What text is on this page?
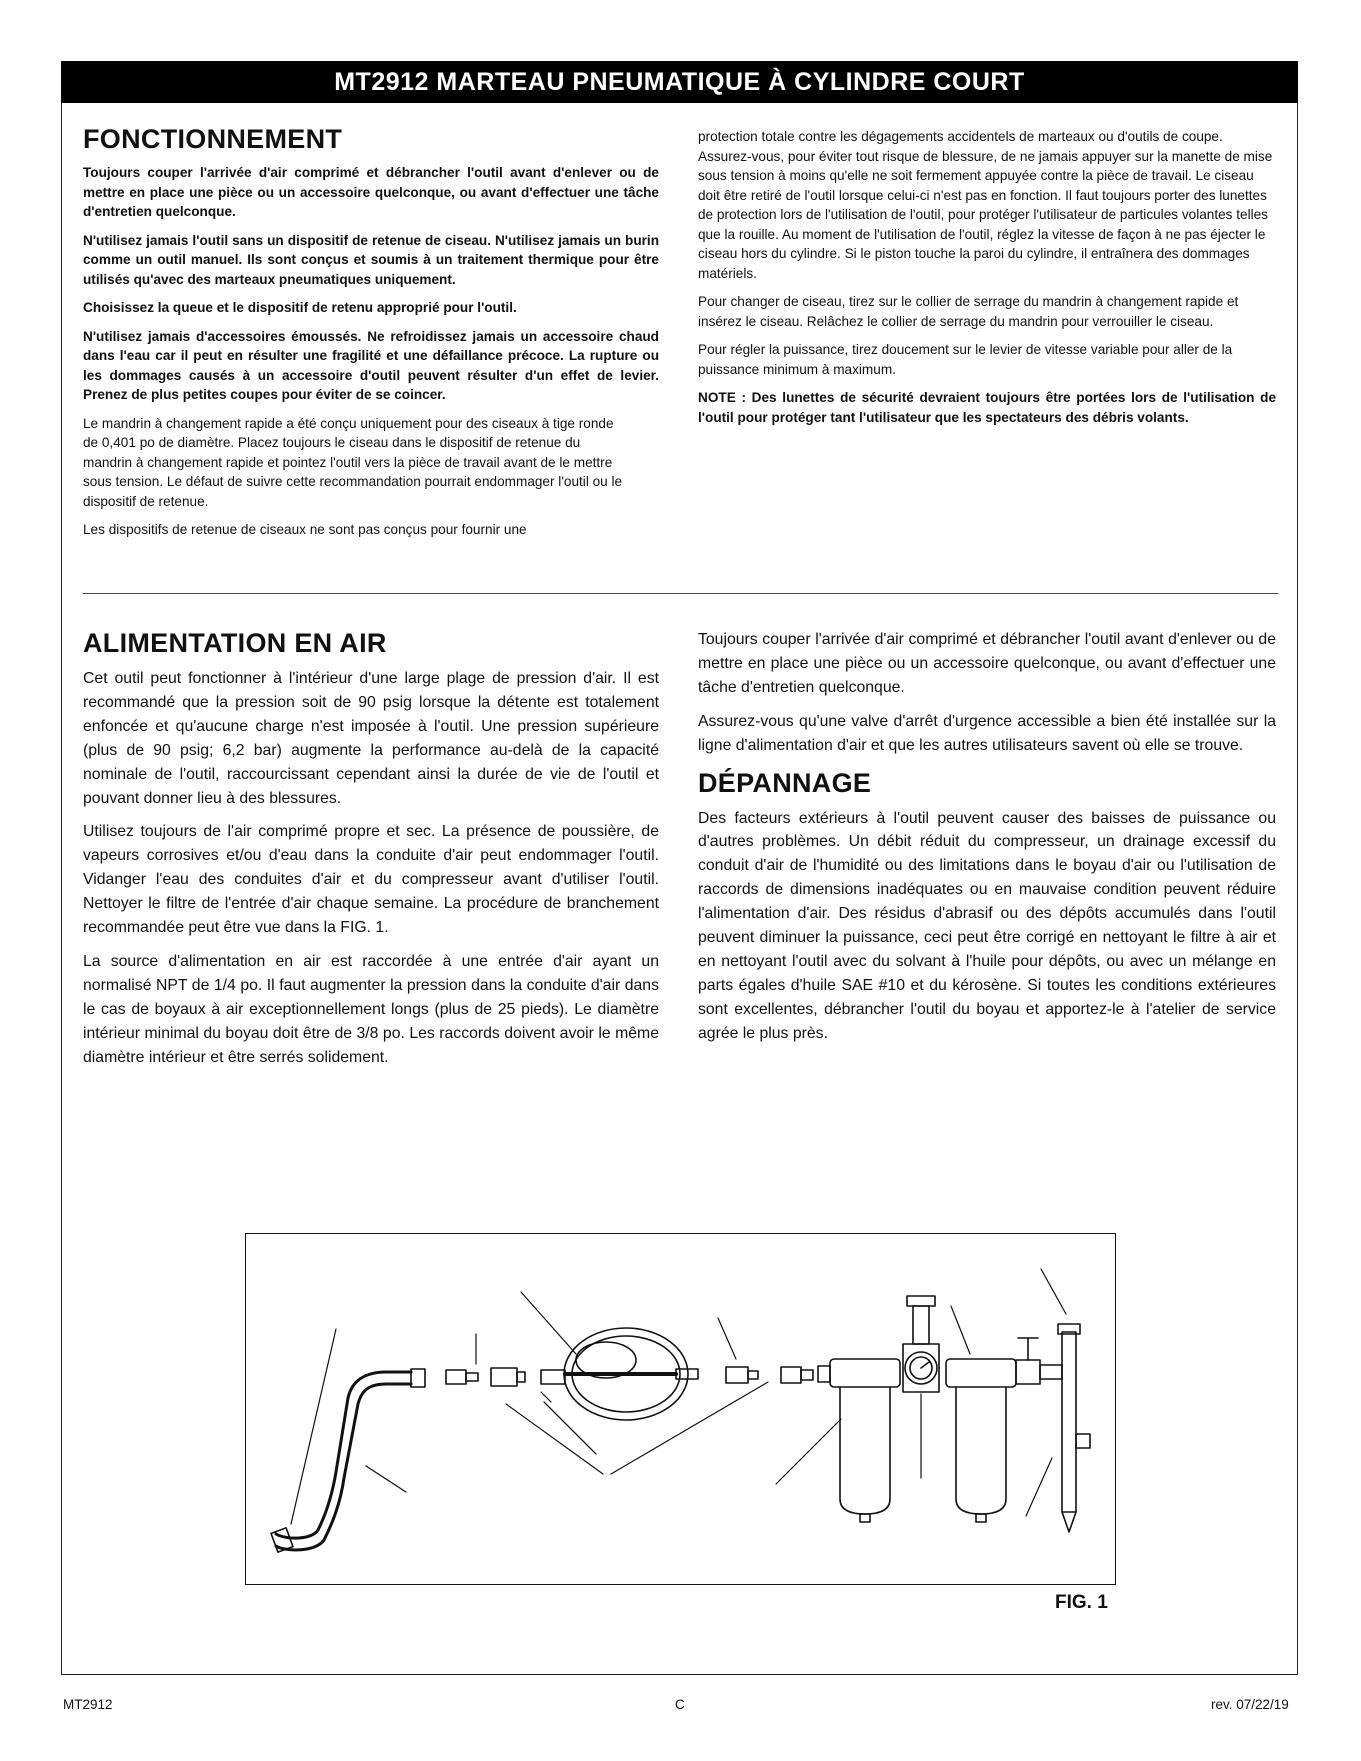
MT2912 MARTEAU PNEUMATIQUE À CYLINDRE COURT
FONCTIONNEMENT

Toujours couper l'arrivée d'air comprimé et débrancher l'outil avant d'enlever ou de mettre en place une pièce ou un accessoire quelconque, ou avant d'effectuer une tâche d'entretien quelconque.

N'utilisez jamais l'outil sans un dispositif de retenue de ciseau. N'utilisez jamais un burin comme un outil manuel. Ils sont conçus et soumis à un traitement thermique pour être utilisés qu'avec des marteaux pneumatiques uniquement.

Choisissez la queue et le dispositif de retenu approprié pour l'outil.

N'utilisez jamais d'accessoires émoussés. Ne refroidissez jamais un accessoire chaud dans l'eau car il peut en résulter une fragilité et une défaillance précoce. La rupture ou les dommages causés à un accessoire d'outil peuvent résulter d'un effet de levier. Prenez de plus petites coupes pour éviter de se coincer.

Le mandrin à changement rapide a été conçu uniquement pour des ciseaux à tige ronde de 0,401 po de diamètre. Placez toujours le ciseau dans le dispositif de retenue du mandrin à changement rapide et pointez l'outil vers la pièce de travail avant de le mettre sous tension. Le défaut de suivre cette recommandation pourrait endommager l'outil ou le dispositif de retenue.

Les dispositifs de retenue de ciseaux ne sont pas conçus pour fournir une

protection totale contre les dégagements accidentels de marteaux ou d'outils de coupe. Assurez-vous, pour éviter tout risque de blessure, de ne jamais appuyer sur la manette de mise sous tension à moins qu'elle ne soit fermement appuyée contre la pièce de travail. Le ciseau doit être retiré de l'outil lorsque celui-ci n'est pas en fonction. Il faut toujours porter des lunettes de protection lors de l'utilisation de l'outil, pour protéger l'utilisateur de particules volantes telles que la rouille. Au moment de l'utilisation de l'outil, réglez la vitesse de façon à ne pas éjecter le ciseau hors du cylindre. Si le piston touche la paroi du cylindre, il entraînera des dommages matériels.

Pour changer de ciseau, tirez sur le collier de serrage du mandrin à changement rapide et insérez le ciseau. Relâchez le collier de serrage du mandrin pour verrouiller le ciseau.

Pour régler la puissance, tirez doucement sur le levier de vitesse variable pour aller de la puissance minimum à maximum.

NOTE : Des lunettes de sécurité devraient toujours être portées lors de l'utilisation de l'outil pour protéger tant l'utilisateur que les spectateurs des débris volants.

ALIMENTATION EN AIR

Cet outil peut fonctionner à l'intérieur d'une large plage de pression d'air. Il est recommandé que la pression soit de 90 psig lorsque la détente est totalement enfoncée et qu'aucune charge n'est imposée à l'outil. Une pression supérieure (plus de 90 psig; 6,2 bar) augmente la performance au-delà de la capacité nominale de l'outil, raccourcissant cependant ainsi la durée de vie de l'outil et pouvant donner lieu à des blessures.

Utilisez toujours de l'air comprimé propre et sec. La présence de poussière, de vapeurs corrosives et/ou d'eau dans la conduite d'air peut endommager l'outil. Vidanger l'eau des conduites d'air et du compresseur avant d'utiliser l'outil. Nettoyer le filtre de l'entrée d'air chaque semaine. La procédure de branchement recommandée peut être vue dans la FIG. 1.

La source d'alimentation en air est raccordée à une entrée d'air ayant un normalisé NPT de 1/4 po. Il faut augmenter la pression dans la conduite d'air dans le cas de boyaux à air exceptionnellement longs (plus de 25 pieds). Le diamètre intérieur minimal du boyau doit être de 3/8 po. Les raccords doivent avoir le même diamètre intérieur et être serrés solidement.

Toujours couper l'arrivée d'air comprimé et débrancher l'outil avant d'enlever ou de mettre en place une pièce ou un accessoire quelconque, ou avant d'effectuer une tâche d'entretien quelconque.

Assurez-vous qu'une valve d'arrêt d'urgence accessible a bien été installée sur la ligne d'alimentation d'air et que les autres utilisateurs savent où elle se trouve.

DÉPANNAGE

Des facteurs extérieurs à l'outil peuvent causer des baisses de puissance ou d'autres problèmes. Un débit réduit du compresseur, un drainage excessif du conduit d'air de l'humidité ou des limitations dans le boyau d'air ou l'utilisation de raccords de dimensions inadéquates ou en mauvaise condition peuvent réduire l'alimentation d'air. Des résidus d'abrasif ou des dépôts accumulés dans l'outil peuvent diminuer la puissance, ceci peut être corrigé en nettoyant le filtre à air et en nettoyant l'outil avec du solvant à l'huile pour dépôts, ou avec un mélange en parts égales d'huile SAE #10 et du kérosène. Si toutes les conditions extérieures sont excellentes, débrancher l'outil du boyau et apportez-le à l'atelier de service agrée le plus près.

FIG. 1
MT2912	C	rev. 07/22/19
